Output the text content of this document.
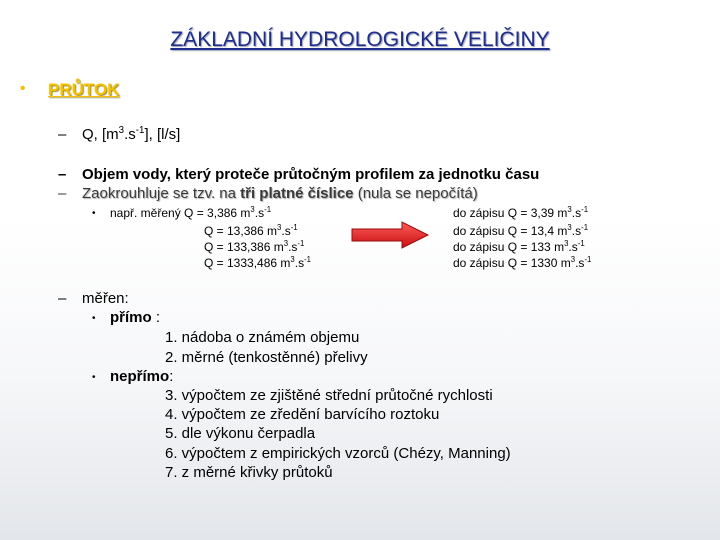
ZÁKLADNÍ HYDROLOGICKÉ VELIČINY
• PRŮTOK
– Q, $[m^3.s^{-1}]$, [l/s]
– Objem vody, který proteče průtočným profilem za jednotku času
– Zaokrouhluje se tzv. na tři platné číslice (nula se nepočítá)
• např. měřený Q = 3,386 $m^3.s^{-1}$
Q = 13,386 $m^3.s^{-1}$
Q = 133,386 $m^3.s^{-1}$
Q = 1333,486 $m^3.s^{-1}$
do zápisu Q = 3,39 $m^3.s^{-1}$
do zápisu Q = 13,4 $m^3.s^{-1}$
do zápisu Q = 133 $m^3.s^{-1}$
do zápisu Q = 1330 $m^3.s^{-1}$
– měřen:
• přímo :
1. nádoba o známém objemu
2. měrné (tenkostěnné) přelivy
• nepřímo:
3. výpočtem ze zjištěné střední průtočné rychlosti
4. výpočtem ze zředění barvícího roztoku
5. dle výkonu čerpadla
6. výpočtem z empirických vzorců (Chézy, Manning)
7. z měrné křivky průtoků
